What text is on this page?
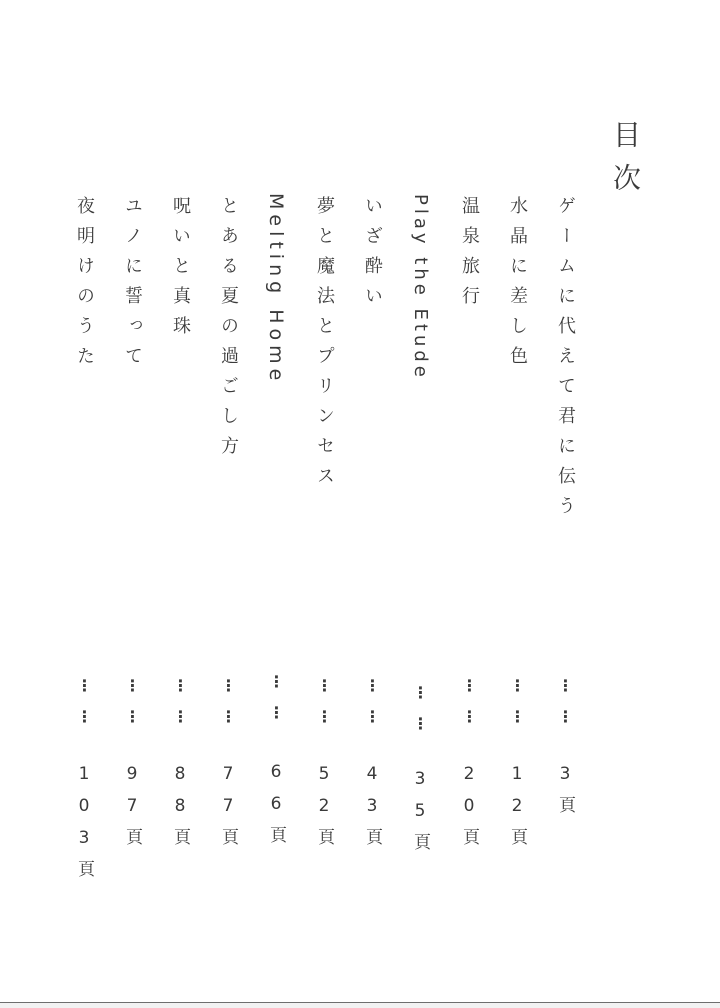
目次
ゲームに代えて君に伝う
⋮⋮
3頁
水晶に差し色
⋮⋮
12頁
温泉旅行
⋮⋮
20頁
Play the Etude
⋮⋮
35頁
いざ酔い
⋮⋮
43頁
夢と魔法とプリンセス
⋮⋮
52頁
Melting Home
⋮⋮
66頁
とある夏の過ごし方
⋮⋮
77頁
呪いと真珠
⋮⋮
88頁
ユノに誓って
⋮⋮
97頁
夜明けのうた
⋮⋮
103頁
